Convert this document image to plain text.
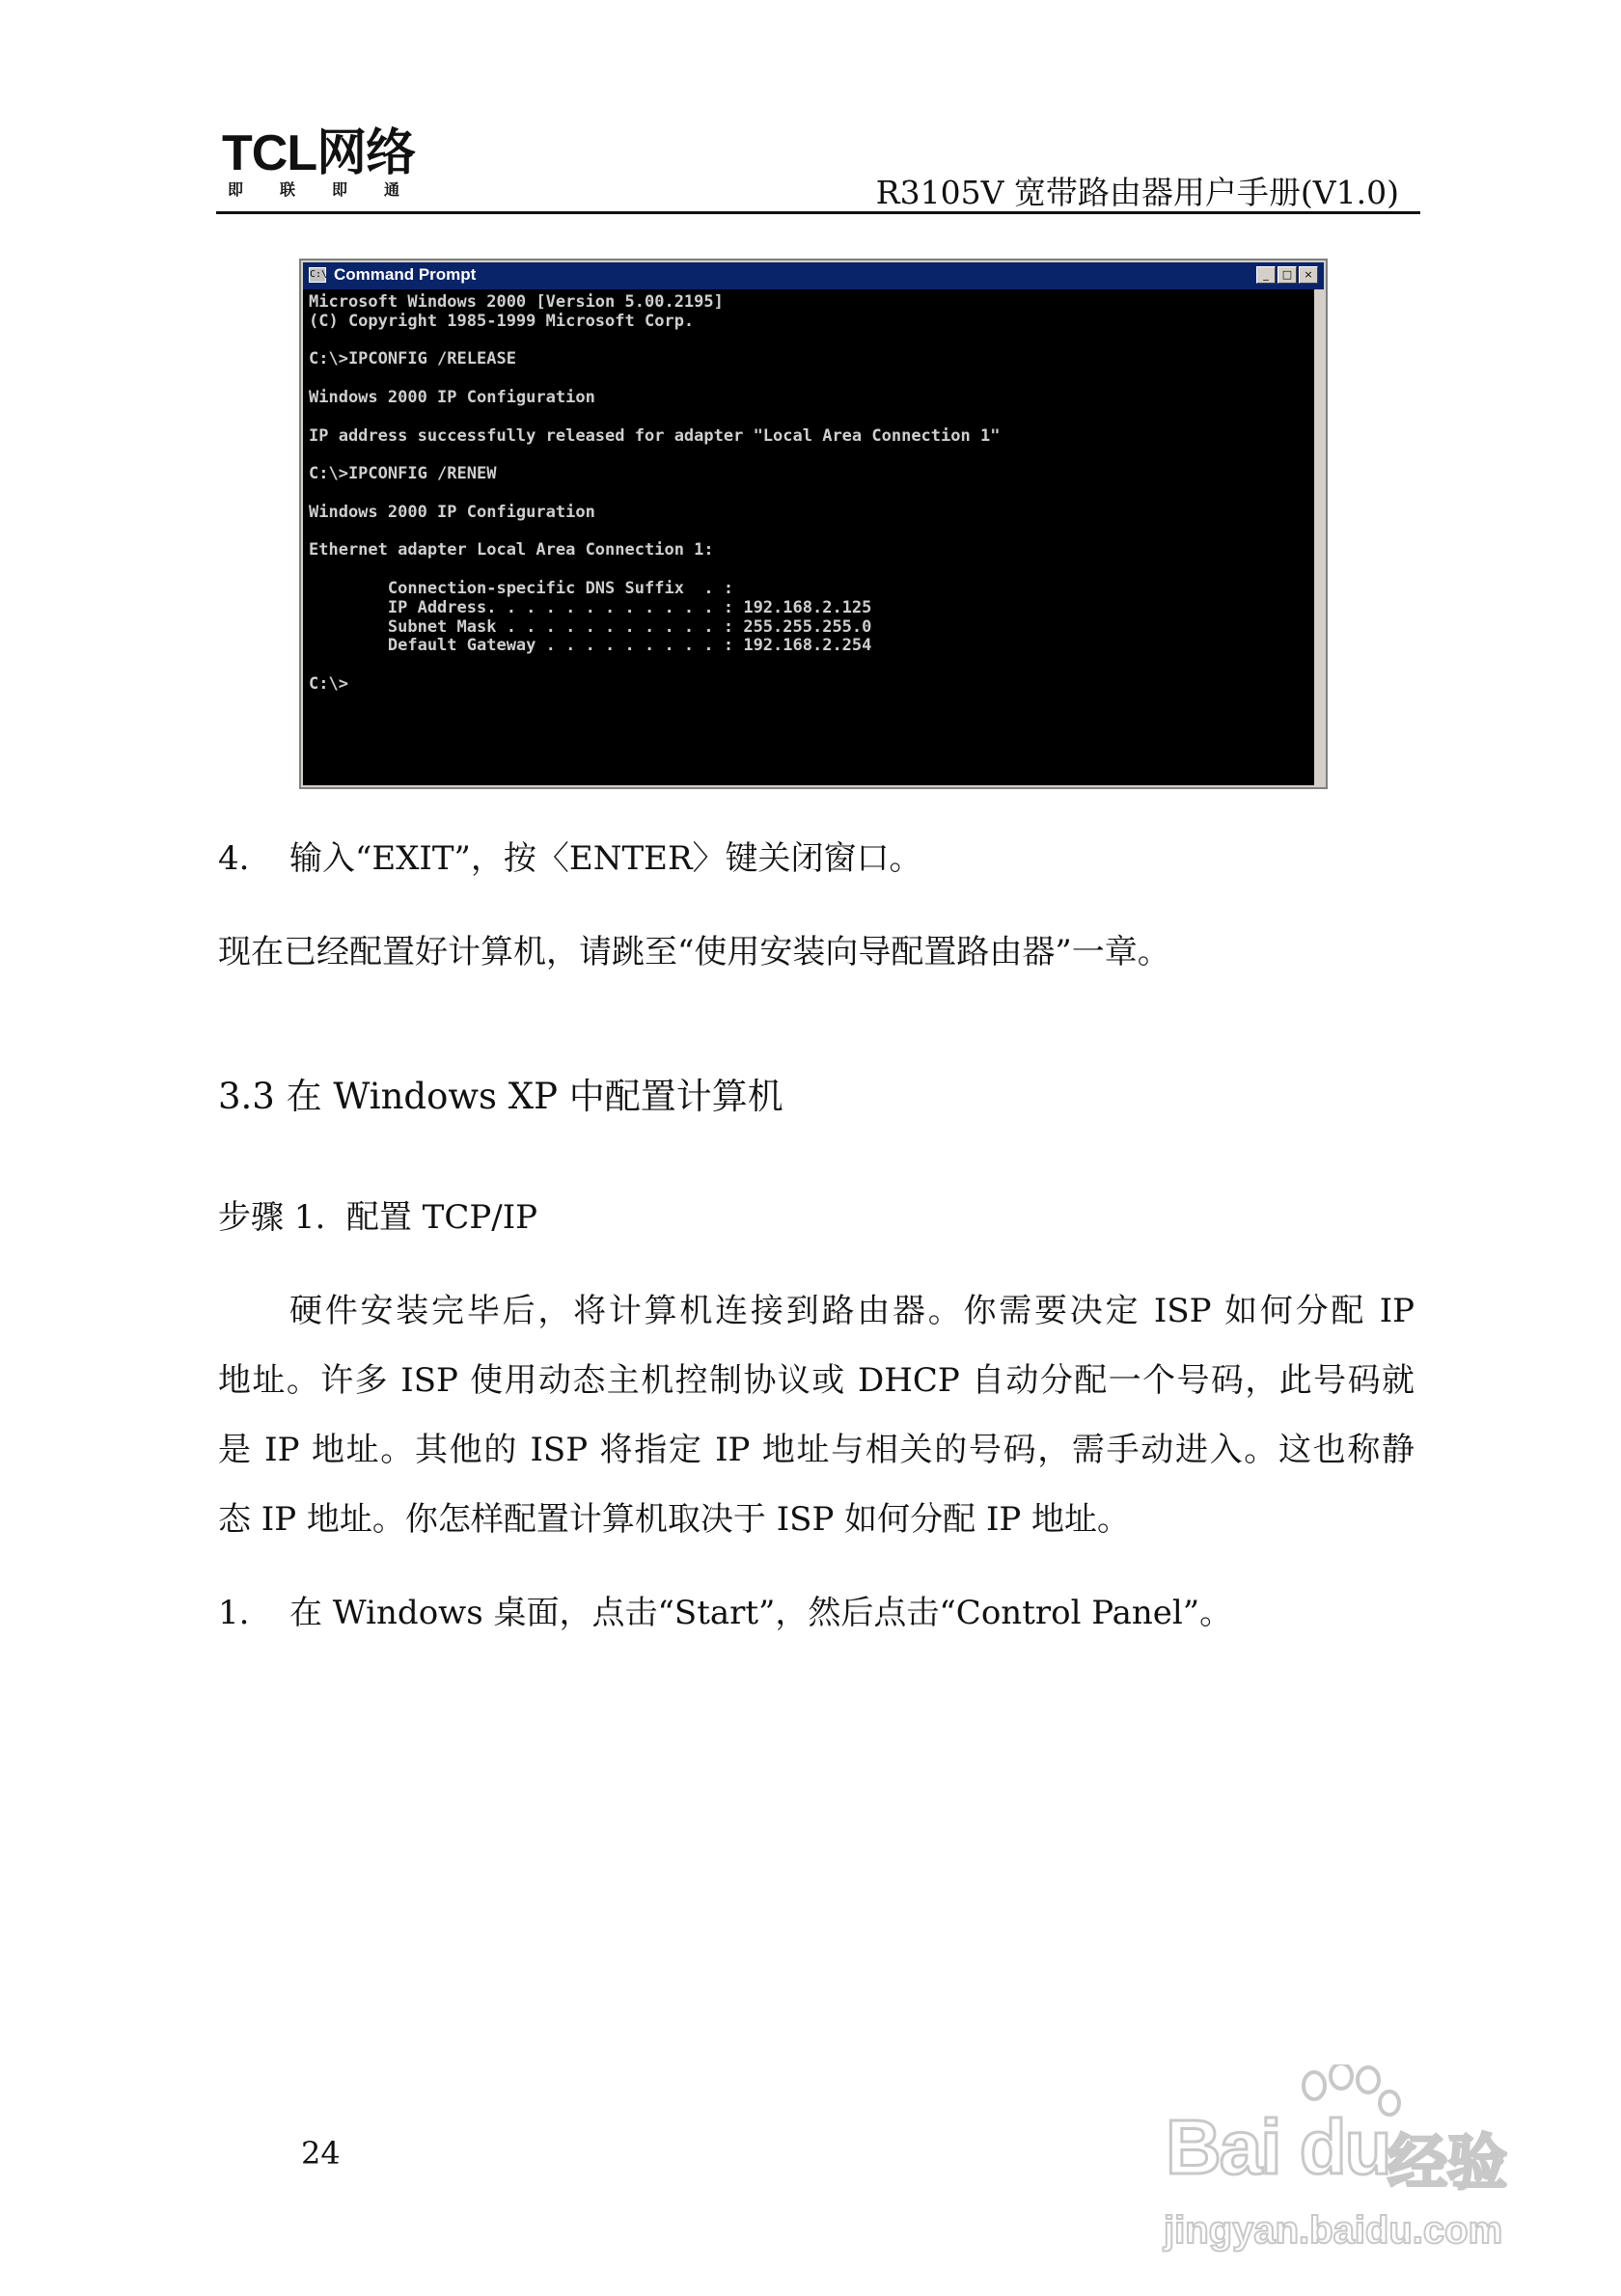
TCL网络
即联即通	R3105V 宽带路由器用户手册(V1.0)
C:\ Command Prompt	_	□	×
Microsoft Windows 2000 [Version 5.00.2195]
(C) Copyright 1985-1999 Microsoft Corp.

C:\>IPCONFIG /RELEASE

Windows 2000 IP Configuration

IP address successfully released for adapter "Local Area Connection 1"

C:\>IPCONFIG /RENEW

Windows 2000 IP Configuration

Ethernet adapter Local Area Connection 1:

Connection-specific DNS Suffix  . :
IP Address. . . . . . . . . . . . : 192.168.2.125
Subnet Mask . . . . . . . . . . . : 255.255.255.0
Default Gateway . . . . . . . . . : 192.168.2.254

C:\>
4. 输入“EXIT”，按〈ENTER〉键关闭窗口。
现在已经配置好计算机，请跳至“使用安装向导配置路由器”一章。
3.3 在 Windows XP 中配置计算机
步骤 1. 配置 TCP/IP
硬件安装完毕后，将计算机连接到路由器。你需要决定 ISP 如何分配 IP
地址。许多 ISP 使用动态主机控制协议或 DHCP 自动分配一个号码，此号码就
是 IP 地址。其他的 ISP 将指定 IP 地址与相关的号码，需手动进入。这也称静
态 IP 地址。你怎样配置计算机取决于 ISP 如何分配 IP 地址。
1. 在 Windows 桌面，点击“Start”，然后点击“Control Panel”。
24	Bai du
经验
jingyan.baidu.com
